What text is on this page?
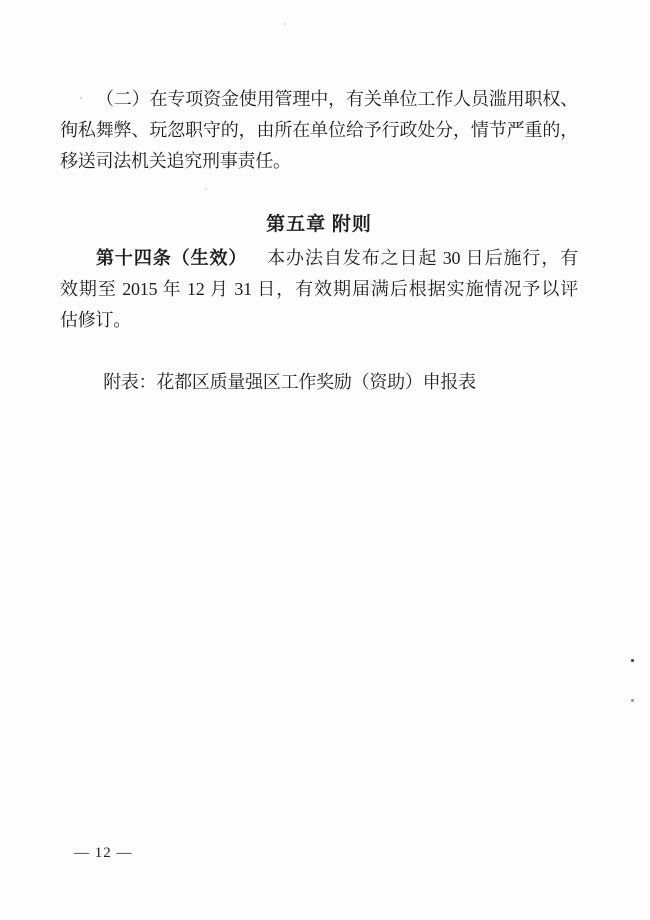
（二）在专项资金使用管理中，有关单位工作人员滥用职权、
徇私舞弊、玩忽职守的，由所在单位给予行政处分，情节严重的，
移送司法机关追究刑事责任。
第五章 附则
第十四条（生效） 本办法自发布之日起 30 日后施行，有
效期至 2015 年 12 月 31 日，有效期届满后根据实施情况予以评
估修订。
附表：花都区质量强区工作奖励（资助）申报表
— 12 —
